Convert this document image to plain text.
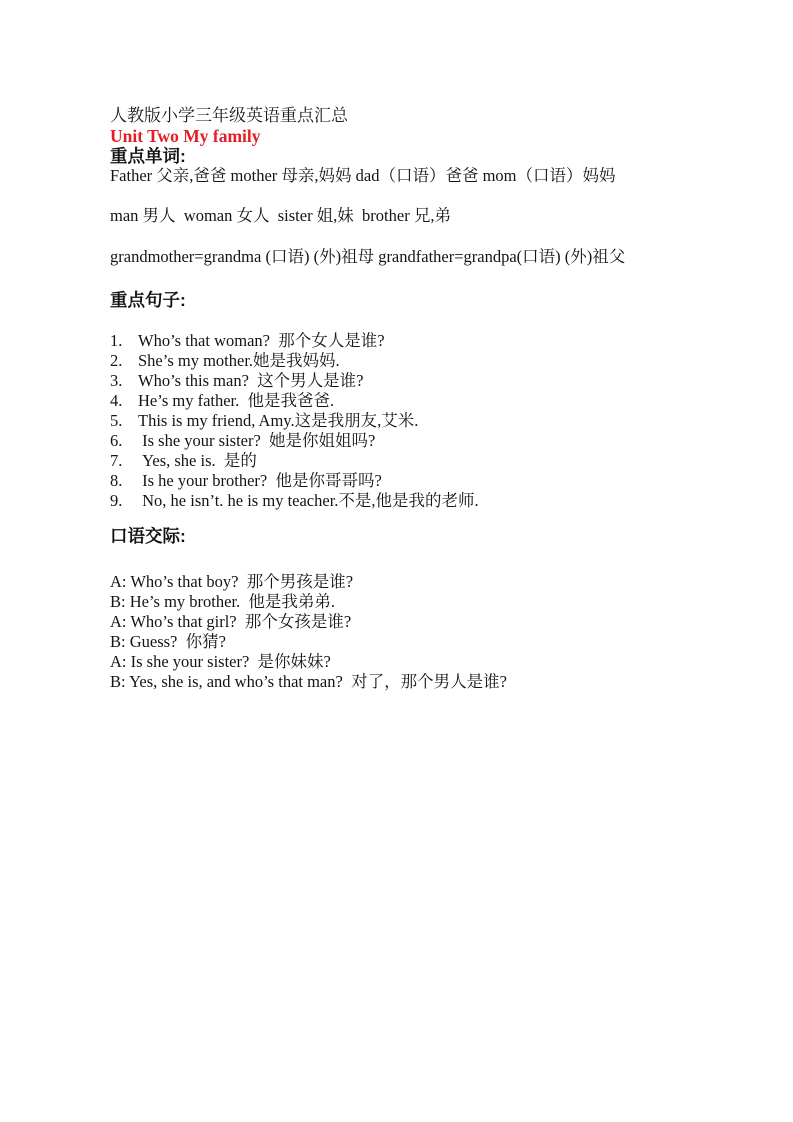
人教版小学三年级英语重点汇总

Unit Two My family

重点单词:

Father 父亲,爸爸 mother 母亲,妈妈 dad（口语）爸爸 mom（口语）妈妈

man 男人  woman 女人  sister 姐,妹  brother 兄,弟

grandmother=grandma (口语) (外)祖母 grandfather=grandpa(口语) (外)祖父

重点句子:

1. Who’s that woman?  那个女人是谁?
2. She’s my mother.她是我妈妈.
3. Who’s this man?  这个男人是谁?
4. He’s my father.  他是我爸爸.
5. This is my friend, Amy.这是我朋友,艾米.
6. Is she your sister?  她是你姐姐吗?
7. Yes, she is.  是的
8. Is he your brother?  他是你哥哥吗?
9. No, he isn’t. he is my teacher.不是,他是我的老师.

口语交际:

A: Who’s that boy?  那个男孩是谁?

B: He’s my brother.  他是我弟弟.

A: Who’s that girl?  那个女孩是谁?

B: Guess?  你猜?

A: Is she your sister?  是你妹妹?

B: Yes, she is, and who’s that man?  对了，那个男人是谁?
